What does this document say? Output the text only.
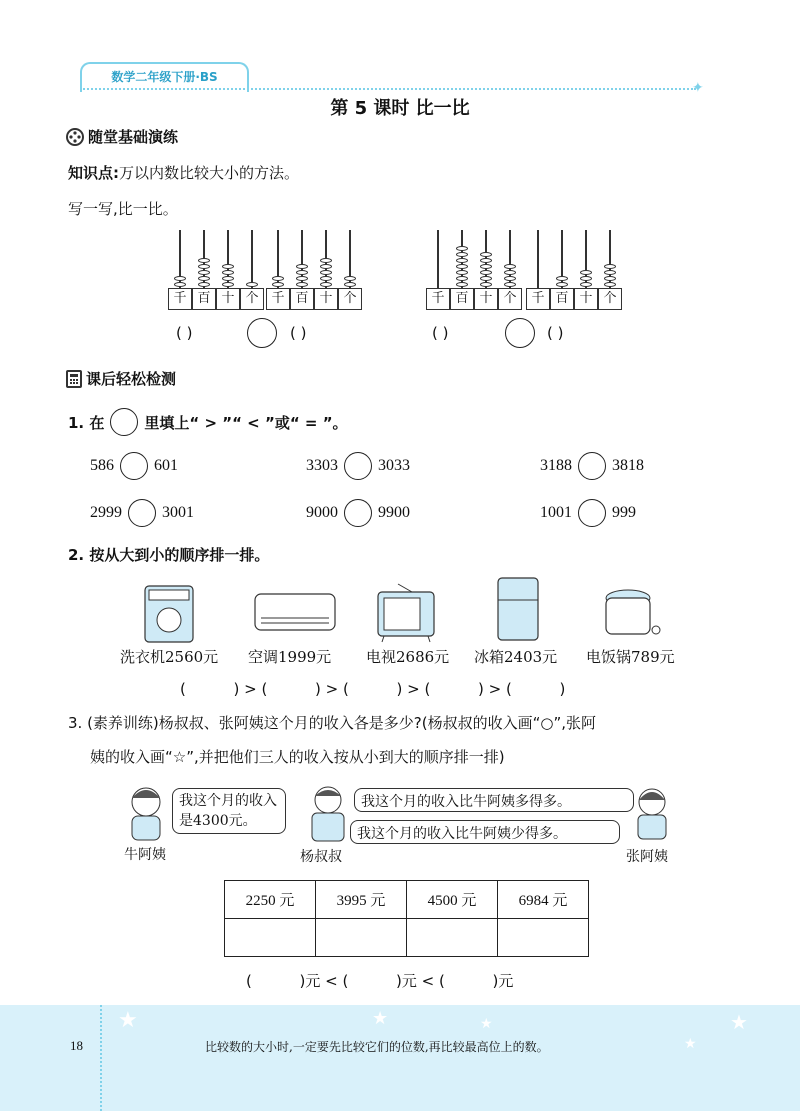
数学二年级下册·BS
✦
第 5 课时 比一比
随堂基础演练
知识点:万以内数比较大小的方法。
写一写,比一比。
千 百 十 个 千 百 十 个	千 百 十 个	千 百 十 个
( )	( )	( )	( )
课后轻松检测
1. 在	里填上“ > ”“ < ”或“ = ”。
586	601	3303	3033	3188	3818
2999	3001	9000	9900	1001	999
2. 按从大到小的顺序排一排。
洗衣机2560元 空调1999元 电视2686元 冰箱2403元 电饭锅789元
(          ) > (          ) > (          ) > (          ) > (          )
3. (素养训练)杨叔叔、张阿姨这个月的收入各是多少?(杨叔叔的收入画“○”,张阿
姨的收入画“☆”,并把他们三人的收入按从小到大的顺序排一排)
我这个月的收入是4300元。
我这个月的收入比牛阿姨多得多。
我这个月的收入比牛阿姨少得多。
牛阿姨	杨叔叔	张阿姨
2250 元	3995 元	4500 元	6984 元

(          )元 < (          )元 < (          )元
★	★	★	★
★
18	比较数的大小时,一定要先比较它们的位数,再比较最高位上的数。
